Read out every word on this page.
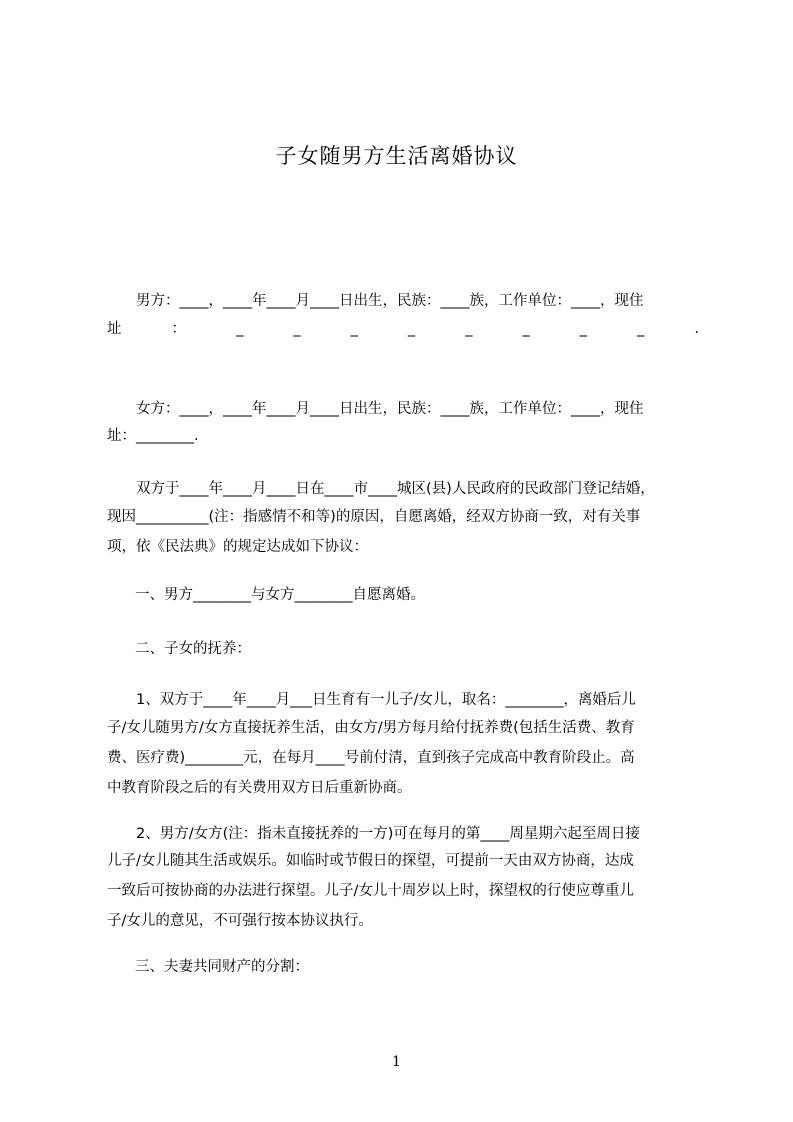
子女随男方生活离婚协议
男方：____，____年____月____日出生，民族：____族，工作单位：____，现住
址	：	_	_	_	_	_	_	_	_	.
女方：____，____年____月____日出生，民族：____族，工作单位：____，现住
址：________.
双方于____年____月____日在____市____城区(县)人民政府的民政部门登记结婚，
现因__________(注：指感情不和等)的原因，自愿离婚，经双方协商一致，对有关事
项，依《民法典》的规定达成如下协议：
一、男方________与女方________自愿离婚。
二、子女的抚养：
1、双方于____年____月___日生育有一儿子/女儿，取名：________，离婚后儿
子/女儿随男方/女方直接抚养生活，由女方/男方每月给付抚养费(包括生活费、教育
费、医疗费)________元，在每月____号前付清，直到孩子完成高中教育阶段止。高
中教育阶段之后的有关费用双方日后重新协商。
2、男方/女方(注：指未直接抚养的一方)可在每月的第____周星期六起至周日接
儿子/女儿随其生活或娱乐。如临时或节假日的探望，可提前一天由双方协商，达成
一致后可按协商的办法进行探望。儿子/女儿十周岁以上时，探望权的行使应尊重儿
子/女儿的意见，不可强行按本协议执行。
三、夫妻共同财产的分割：
1
